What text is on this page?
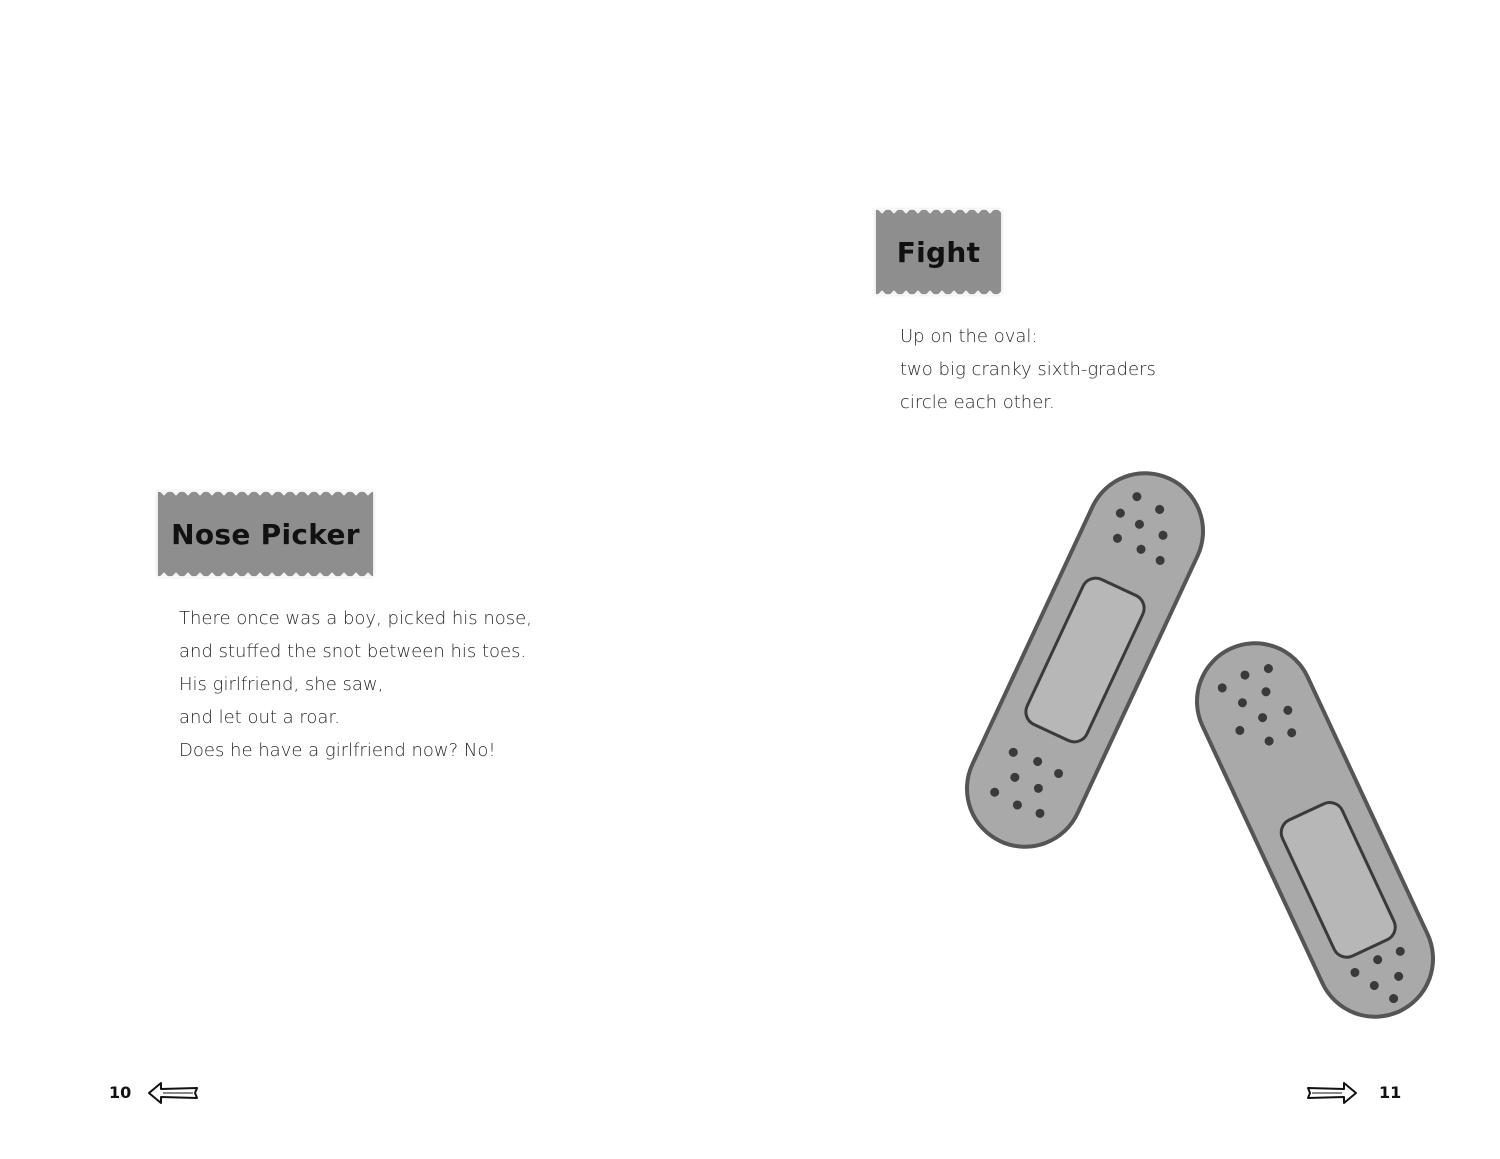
Nose Picker
There once was a boy, picked his nose,
and stuffed the snot between his toes.
His girlfriend, she saw,
and let out a roar.
Does he have a girlfriend now? No!
10
Fight
Up on the oval:
two big cranky sixth-graders
circle each other.
11
